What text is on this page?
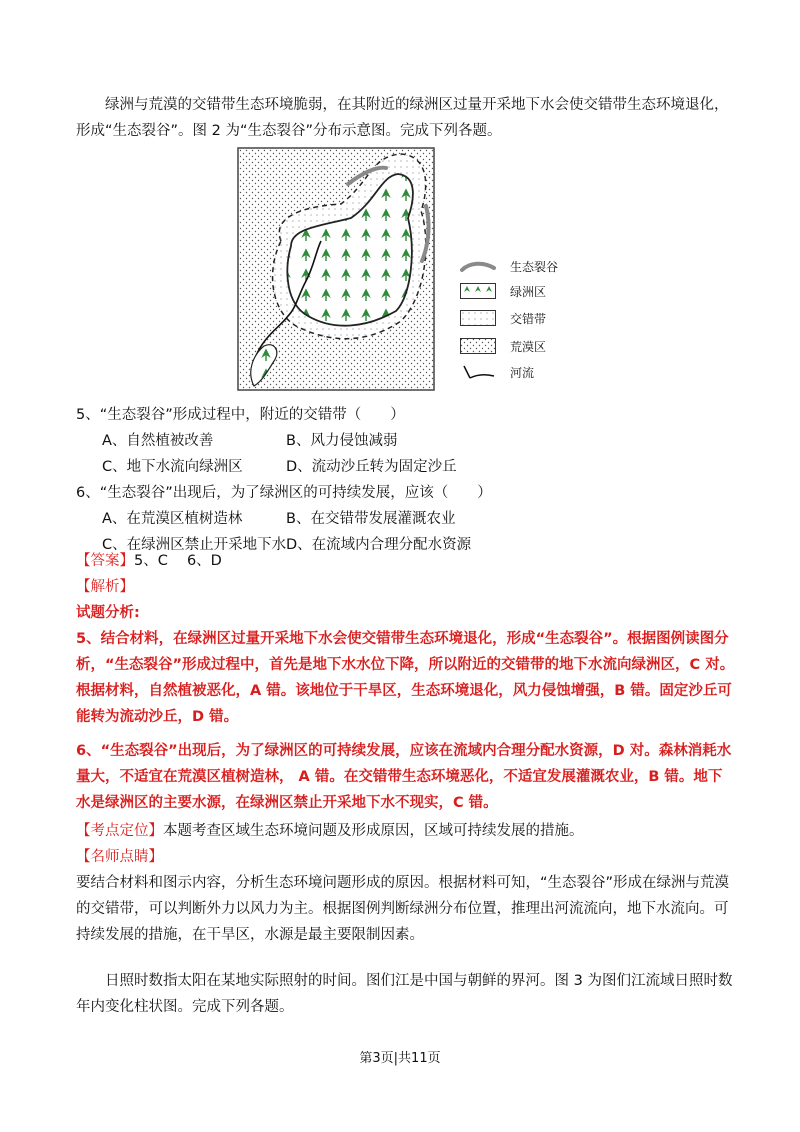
绿洲与荒漠的交错带生态环境脆弱，在其附近的绿洲区过量开采地下水会使交错带生态环境退化，形成“生态裂谷”。图 2 为“生态裂谷”分布示意图。完成下列各题。
生态裂谷
绿洲区
交错带
荒漠区
河流
5、“生态裂谷”形成过程中，附近的交错带（　　）
A、自然植被改善	B、风力侵蚀减弱
C、地下水流向绿洲区	D、流动沙丘转为固定沙丘
6、“生态裂谷”出现后，为了绿洲区的可持续发展，应该（　　）
A、在荒漠区植树造林	B、在交错带发展灌溉农业
C、在绿洲区禁止开采地下水 D、在流域内合理分配水资源
【答案】5、C　 6、D
【解析】
试题分析:
5、结合材料，在绿洲区过量开采地下水会使交错带生态环境退化，形成“生态裂谷”。根据图例读图分析，“生态裂谷”形成过程中，首先是地下水水位下降，所以附近的交错带的地下水流向绿洲区，C 对。根据材料，自然植被恶化，A 错。该地位于干旱区，生态环境退化，风力侵蚀增强，B 错。固定沙丘可能转为流动沙丘，D 错。
6、“生态裂谷”出现后，为了绿洲区的可持续发展，应该在流域内合理分配水资源，D 对。森林消耗水量大，不适宜在荒漠区植树造林， A 错。在交错带生态环境恶化，不适宜发展灌溉农业，B 错。地下水是绿洲区的主要水源，在绿洲区禁止开采地下水不现实，C 错。
【考点定位】本题考查区域生态环境问题及形成原因，区域可持续发展的措施。
【名师点睛】
要结合材料和图示内容，分析生态环境问题形成的原因。根据材料可知，“生态裂谷”形成在绿洲与荒漠的交错带，可以判断外力以风力为主。根据图例判断绿洲分布位置，推理出河流流向，地下水流向。可持续发展的措施，在干旱区，水源是最主要限制因素。
日照时数指太阳在某地实际照射的时间。图们江是中国与朝鲜的界河。图 3 为图们江流域日照时数年内变化柱状图。完成下列各题。
第3页|共11页
